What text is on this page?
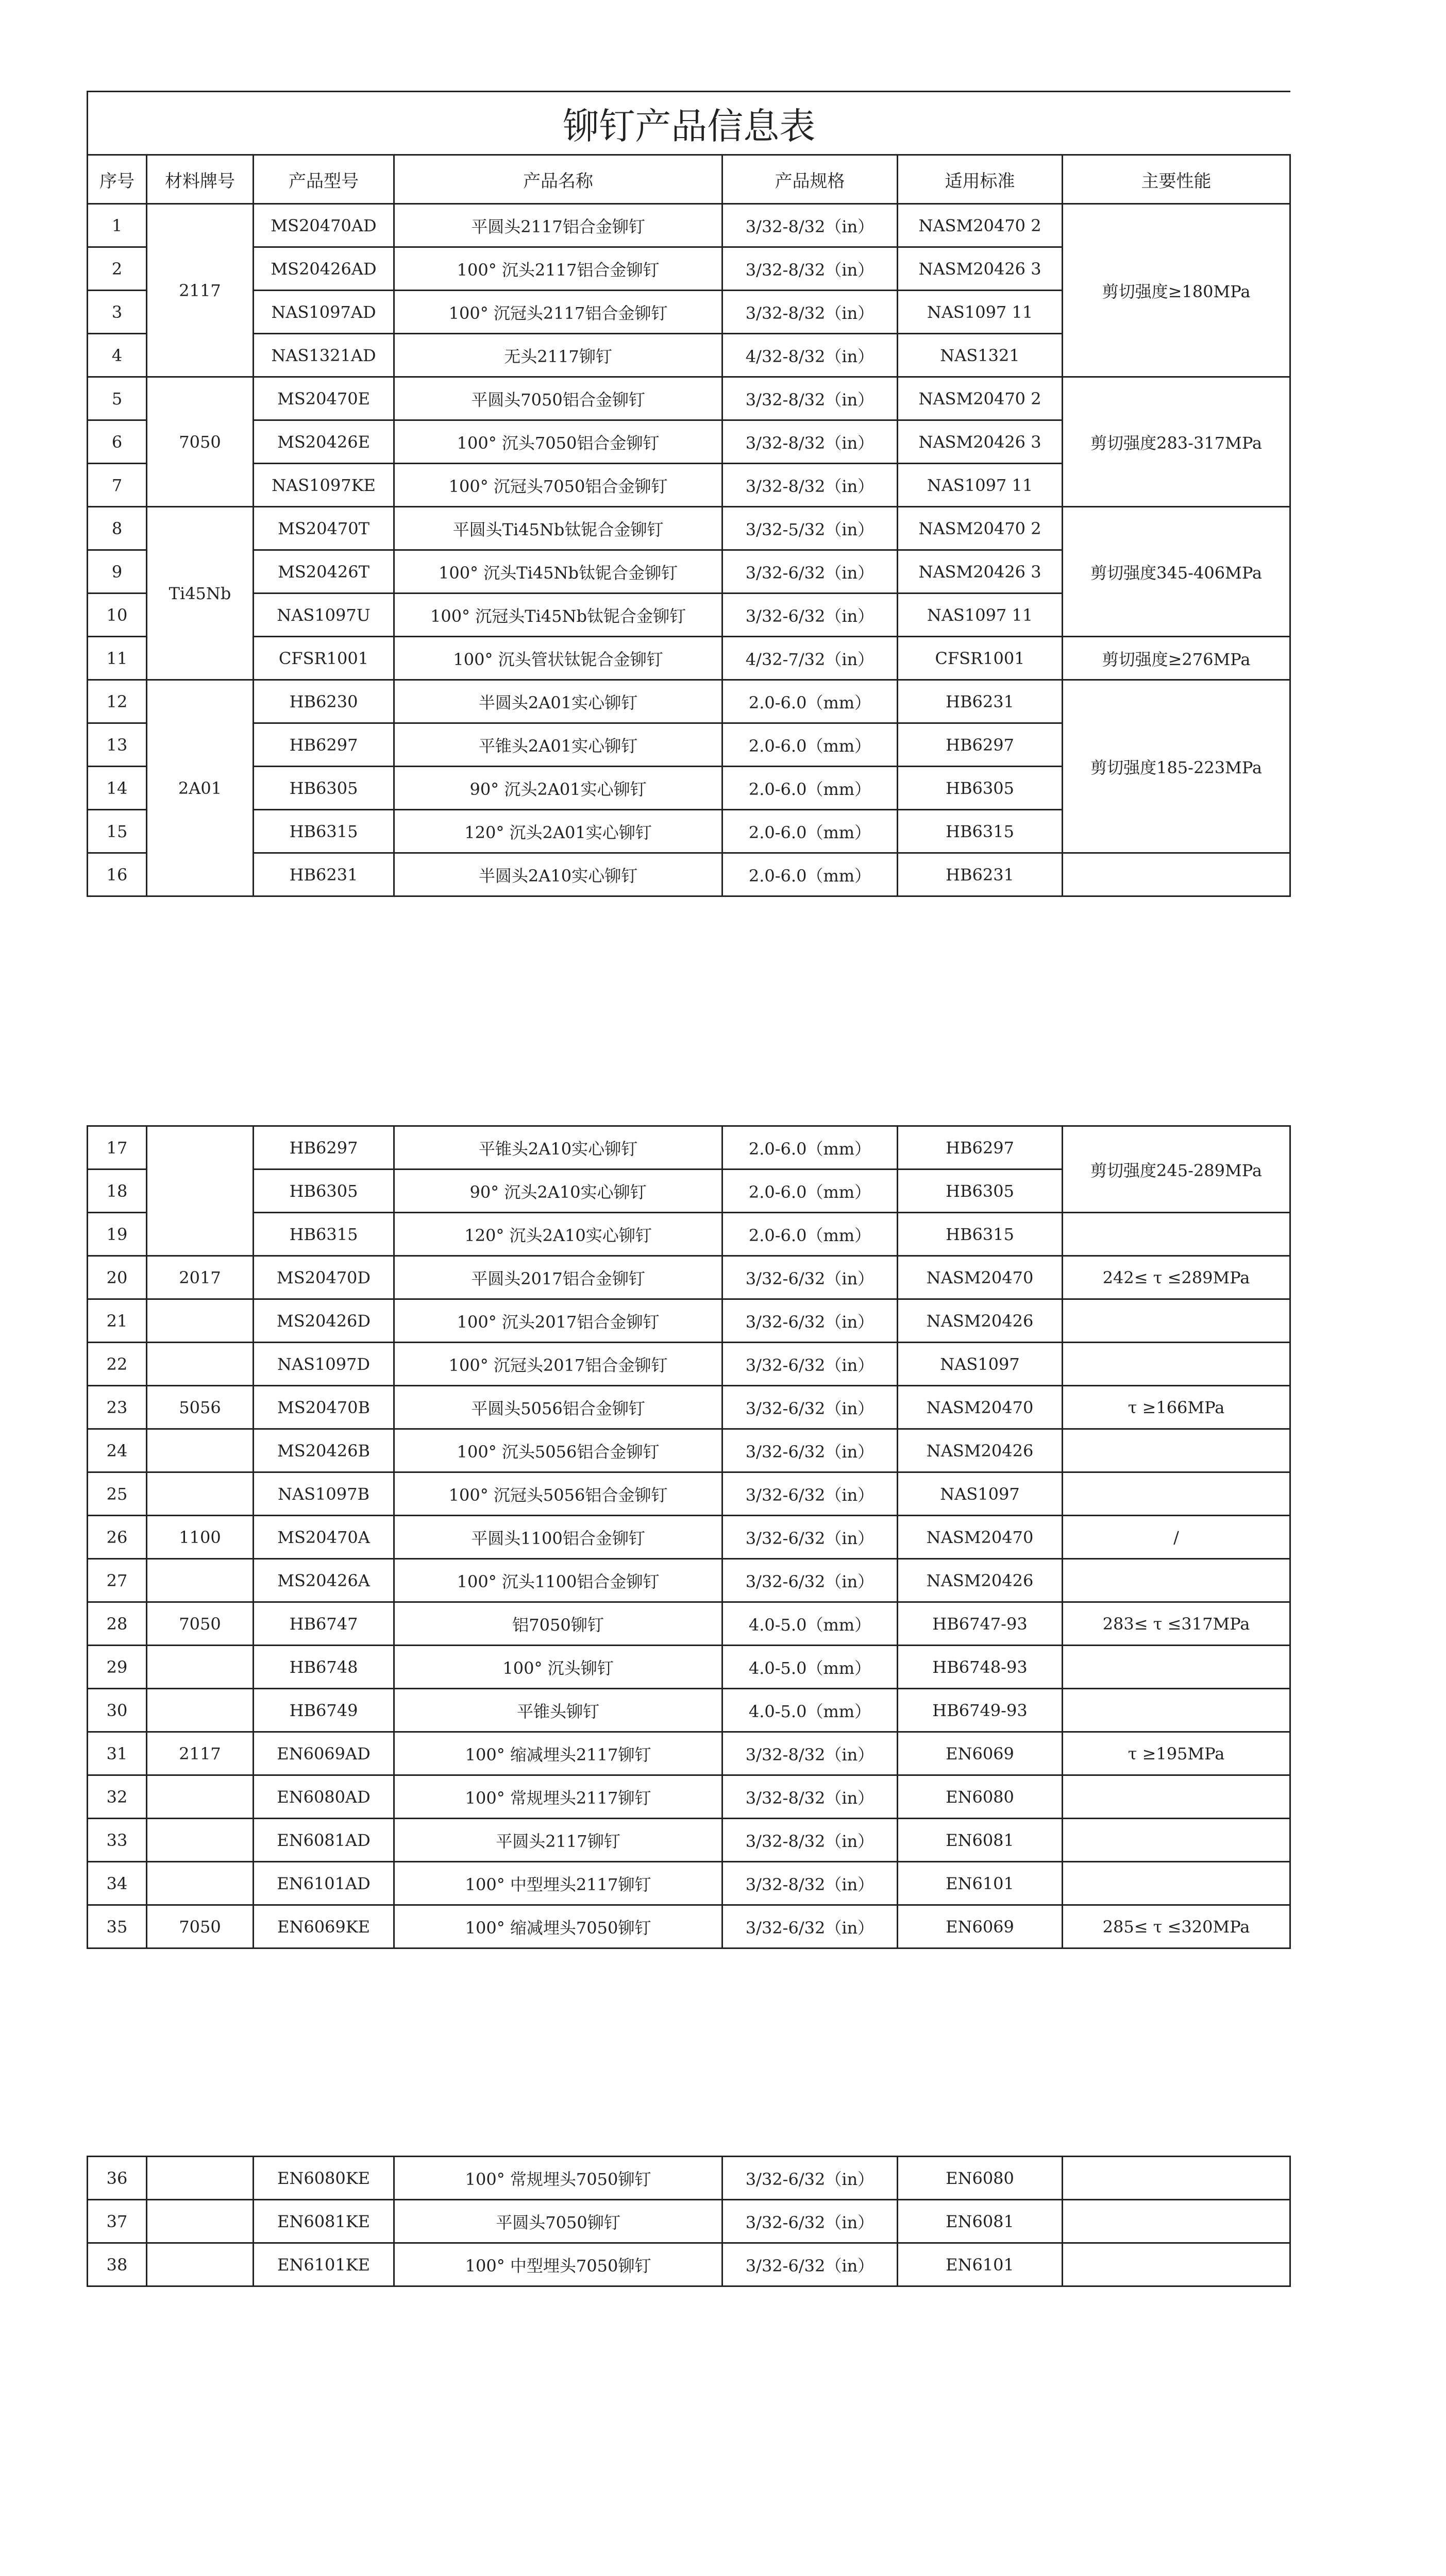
铆钉产品信息表						
序号	材料牌号	产品型号	产品名称	产品规格	适用标准	主要性能
1	2117	MS20470AD	平圆头2117铝合金铆钉	3/32-8/32（in）	NASM20470 2	剪切强度≥180MPa
2		MS20426AD	100° 沉头2117铝合金铆钉	3/32-8/32（in）	NASM20426 3	
3		NAS1097AD	100° 沉冠头2117铝合金铆钉	3/32-8/32（in）	NAS1097 11	
4		NAS1321AD	无头2117铆钉	4/32-8/32（in）	NAS1321	
5	7050	MS20470E	平圆头7050铝合金铆钉	3/32-8/32（in）	NASM20470 2	剪切强度283-317MPa
6		MS20426E	100° 沉头7050铝合金铆钉	3/32-8/32（in）	NASM20426 3	
7		NAS1097KE	100° 沉冠头7050铝合金铆钉	3/32-8/32（in）	NAS1097 11	
8	Ti45Nb	MS20470T	平圆头Ti45Nb钛铌合金铆钉	3/32-5/32（in）	NASM20470 2	剪切强度345-406MPa
9		MS20426T	100° 沉头Ti45Nb钛铌合金铆钉	3/32-6/32（in）	NASM20426 3	
10		NAS1097U	100° 沉冠头Ti45Nb钛铌合金铆钉	3/32-6/32（in）	NAS1097 11	
11		CFSR1001	100° 沉头管状钛铌合金铆钉	4/32-7/32（in）	CFSR1001	剪切强度≥276MPa
12	2A01	HB6230	半圆头2A01实心铆钉	2.0-6.0（mm）	HB6231	剪切强度185-223MPa
13		HB6297	平锥头2A01实心铆钉	2.0-6.0（mm）	HB6297	
14		HB6305	90° 沉头2A01实心铆钉	2.0-6.0（mm）	HB6305	
15		HB6315	120° 沉头2A01实心铆钉	2.0-6.0（mm）	HB6315	
16		HB6231	半圆头2A10实心铆钉	2.0-6.0（mm）	HB6231	
17		HB6297	平锥头2A10实心铆钉	2.0-6.0（mm）	HB6297	剪切强度245-289MPa
18		HB6305	90° 沉头2A10实心铆钉	2.0-6.0（mm）	HB6305	
19		HB6315	120° 沉头2A10实心铆钉	2.0-6.0（mm）	HB6315	
20	2017	MS20470D	平圆头2017铝合金铆钉	3/32-6/32（in）	NASM20470	242≤ τ ≤289MPa
21		MS20426D	100° 沉头2017铝合金铆钉	3/32-6/32（in）	NASM20426	
22		NAS1097D	100° 沉冠头2017铝合金铆钉	3/32-6/32（in）	NAS1097	
23	5056	MS20470B	平圆头5056铝合金铆钉	3/32-6/32（in）	NASM20470	τ ≥166MPa
24		MS20426B	100° 沉头5056铝合金铆钉	3/32-6/32（in）	NASM20426	
25		NAS1097B	100° 沉冠头5056铝合金铆钉	3/32-6/32（in）	NAS1097	
26	1100	MS20470A	平圆头1100铝合金铆钉	3/32-6/32（in）	NASM20470	/
27		MS20426A	100° 沉头1100铝合金铆钉	3/32-6/32（in）	NASM20426	
28	7050	HB6747	铝7050铆钉	4.0-5.0（mm）	HB6747-93	283≤ τ ≤317MPa
29		HB6748	100° 沉头铆钉	4.0-5.0（mm）	HB6748-93	
30		HB6749	平锥头铆钉	4.0-5.0（mm）	HB6749-93	
31	2117	EN6069AD	100° 缩减埋头2117铆钉	3/32-8/32（in）	EN6069	τ ≥195MPa
32		EN6080AD	100° 常规埋头2117铆钉	3/32-8/32（in）	EN6080	
33		EN6081AD	平圆头2117铆钉	3/32-8/32（in）	EN6081	
34		EN6101AD	100° 中型埋头2117铆钉	3/32-8/32（in）	EN6101	
35	7050	EN6069KE	100° 缩减埋头7050铆钉	3/32-6/32（in）	EN6069	285≤ τ ≤320MPa
36		EN6080KE	100° 常规埋头7050铆钉	3/32-6/32（in）	EN6080	
37		EN6081KE	平圆头7050铆钉	3/32-6/32（in）	EN6081	
38		EN6101KE	100° 中型埋头7050铆钉	3/32-6/32（in）	EN6101	
